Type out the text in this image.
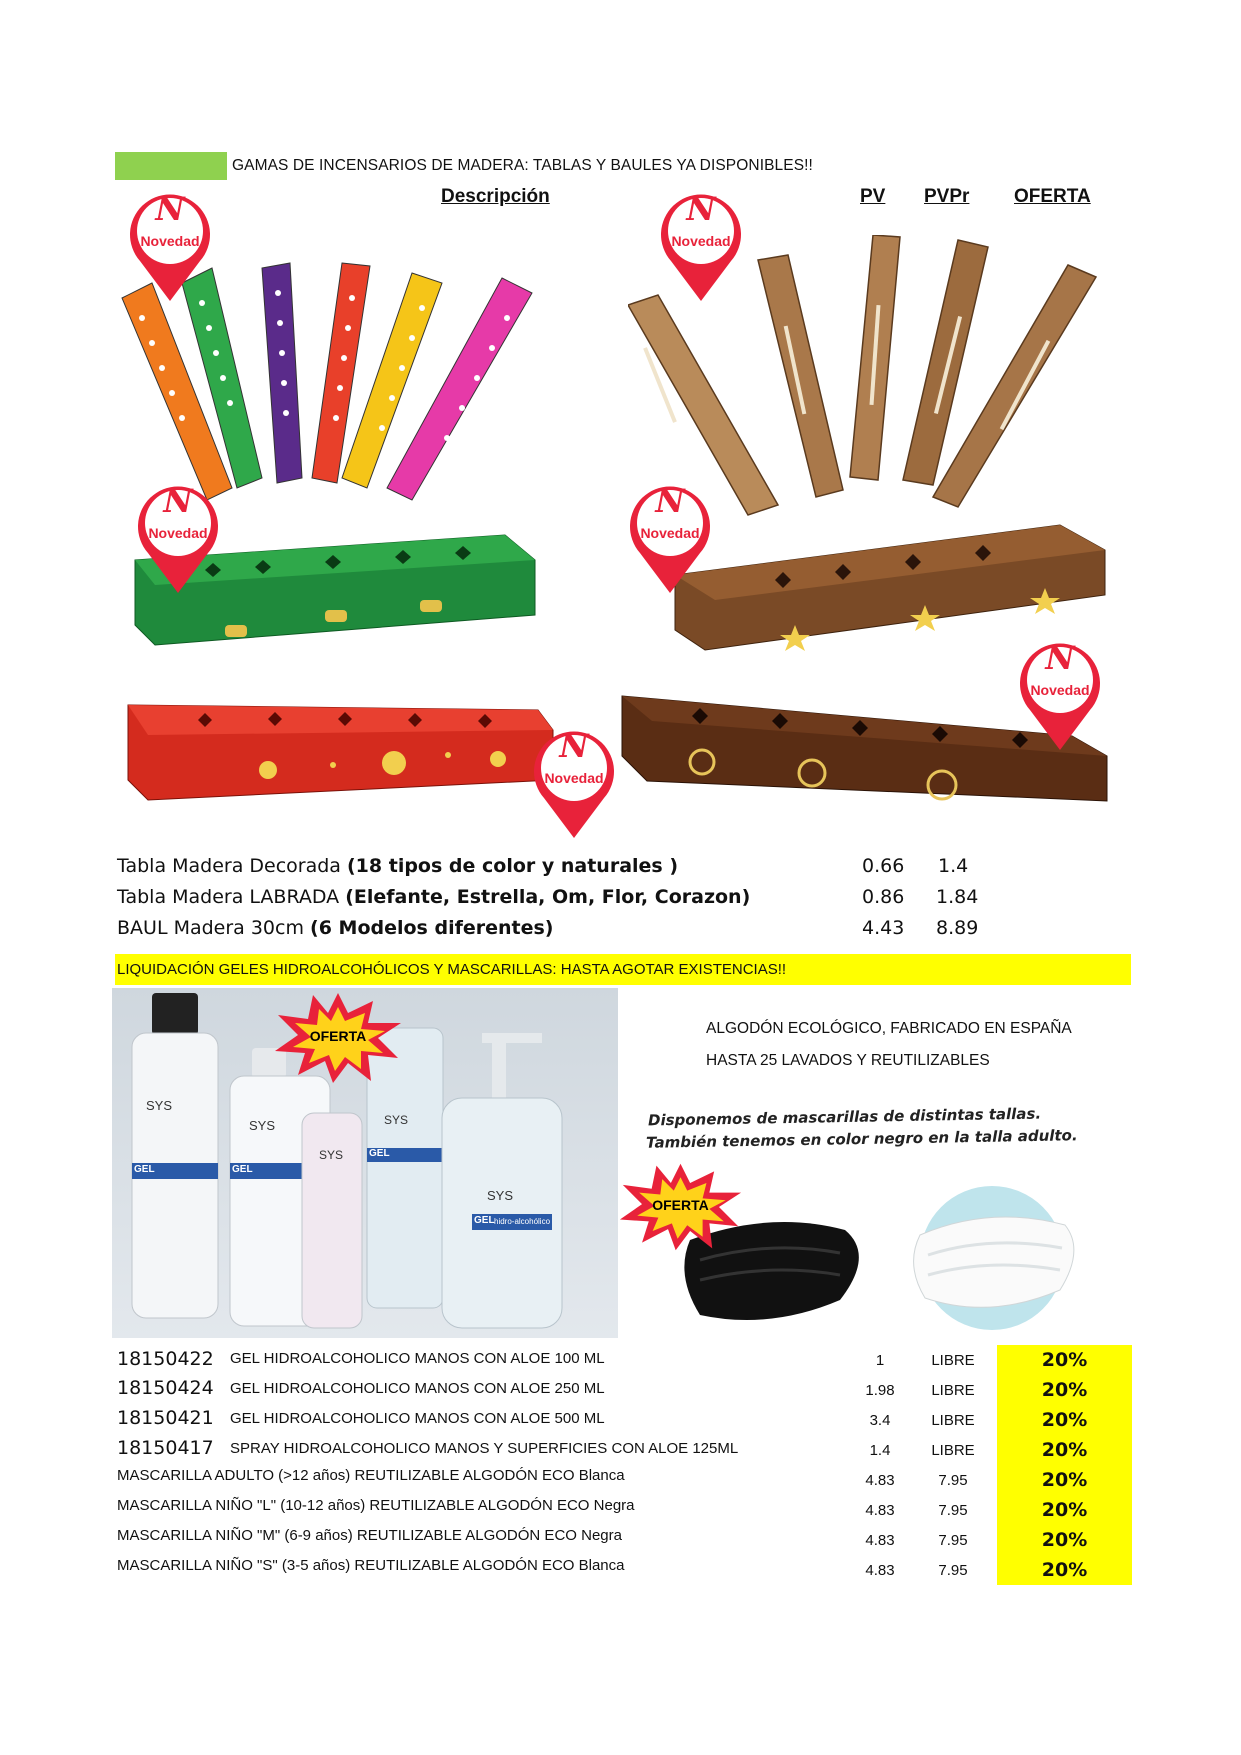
GAMAS DE INCENSARIOS DE MADERA: TABLAS Y BAULES YA DISPONIBLES!!
Descripción	PV PVPr OFERTA
N
Novedad
N
Novedad
N
Novedad
N
Novedad
N
Novedad
N
Novedad
Tabla Madera Decorada (18 tipos de color y naturales )	0.66 1.4
Tabla Madera LABRADA (Elefante, Estrella, Om, Flor, Corazon)	0.86 1.84
BAUL Madera 30cm (6 Modelos diferentes)	4.43 8.89
LIQUIDACIÓN GELES HIDROALCOHÓLICOS Y MASCARILLAS: HASTA AGOTAR EXISTENCIAS!!
SYS
GEL
SYS
GEL
SYS
SYS
GEL
SYS
GEL hidro-alcohólico
OFERTA	ALGODÓN ECOLÓGICO, FABRICADO EN ESPAÑA
HASTA 25 LAVADOS Y REUTILIZABLES
Disponemos de mascarillas de distintas tallas.
También tenemos en color negro en la talla adulto.
OFERTA
18150422 GEL HIDROALCOHOLICO MANOS CON ALOE 100 ML	1	LIBRE	20%
18150424 GEL HIDROALCOHOLICO MANOS CON ALOE 250 ML	1.98	LIBRE	20%
18150421 GEL HIDROALCOHOLICO MANOS CON ALOE 500 ML	3.4	LIBRE	20%
18150417 SPRAY HIDROALCOHOLICO MANOS Y SUPERFICIES CON ALOE 125ML	1.4	LIBRE	20%
MASCARILLA ADULTO (>12 años) REUTILIZABLE ALGODÓN ECO Blanca	4.83	7.95	20%
MASCARILLA NIÑO "L" (10-12 años) REUTILIZABLE ALGODÓN ECO Negra	4.83	7.95	20%
MASCARILLA NIÑO "M" (6-9 años) REUTILIZABLE ALGODÓN ECO Negra	4.83	7.95	20%
MASCARILLA NIÑO "S" (3-5 años) REUTILIZABLE ALGODÓN ECO Blanca	4.83	7.95	20%
